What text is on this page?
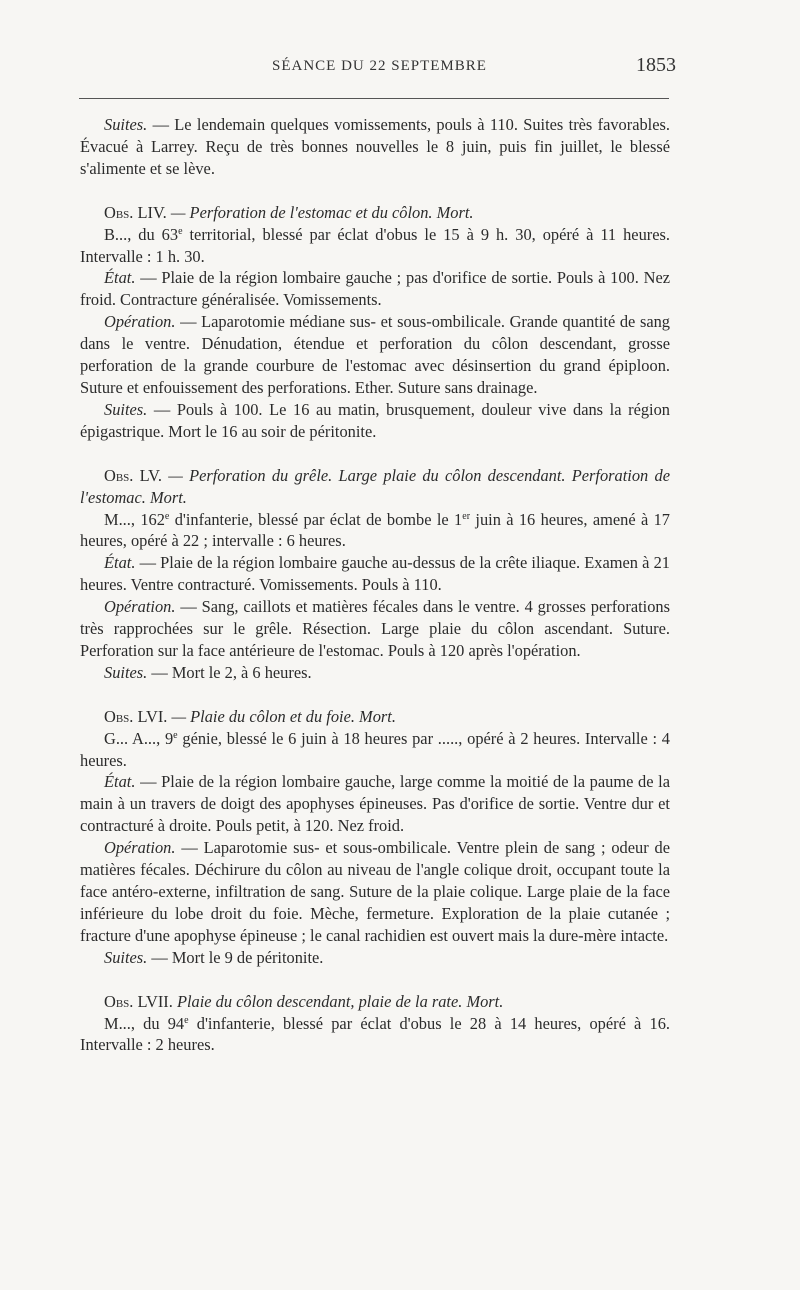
SÉANCE DU 22 SEPTEMBRE	1853

Suites. — Le lendemain quelques vomissements, pouls à 110. Suites très favorables. Évacué à Larrey. Reçu de très bonnes nouvelles le 8 juin, puis fin juillet, le blessé s'alimente et se lève.

Obs. LIV. — Perforation de l'estomac et du côlon. Mort.

B..., du 63e territorial, blessé par éclat d'obus le 15 à 9 h. 30, opéré à 11 heures. Intervalle : 1 h. 30.

État. — Plaie de la région lombaire gauche ; pas d'orifice de sortie. Pouls à 100. Nez froid. Contracture généralisée. Vomissements.

Opération. — Laparotomie médiane sus- et sous-ombilicale. Grande quantité de sang dans le ventre. Dénudation, étendue et perforation du côlon descendant, grosse perforation de la grande courbure de l'estomac avec désinsertion du grand épiploon. Suture et enfouissement des perforations. Ether. Suture sans drainage.

Suites. — Pouls à 100. Le 16 au matin, brusquement, douleur vive dans la région épigastrique. Mort le 16 au soir de péritonite.

Obs. LV. — Perforation du grêle. Large plaie du côlon descendant. Perforation de l'estomac. Mort.

M..., 162e d'infanterie, blessé par éclat de bombe le 1er juin à 16 heures, amené à 17 heures, opéré à 22 ; intervalle : 6 heures.

État. — Plaie de la région lombaire gauche au-dessus de la crête iliaque. Examen à 21 heures. Ventre contracturé. Vomissements. Pouls à 110.

Opération. — Sang, caillots et matières fécales dans le ventre. 4 grosses perforations très rapprochées sur le grêle. Résection. Large plaie du côlon ascendant. Suture. Perforation sur la face antérieure de l'estomac. Pouls à 120 après l'opération.

Suites. — Mort le 2, à 6 heures.

Obs. LVI. — Plaie du côlon et du foie. Mort.

G... A..., 9e génie, blessé le 6 juin à 18 heures par ....., opéré à 2 heures. Intervalle : 4 heures.

État. — Plaie de la région lombaire gauche, large comme la moitié de la paume de la main à un travers de doigt des apophyses épineuses. Pas d'orifice de sortie. Ventre dur et contracturé à droite. Pouls petit, à 120. Nez froid.

Opération. — Laparotomie sus- et sous-ombilicale. Ventre plein de sang ; odeur de matières fécales. Déchirure du côlon au niveau de l'angle colique droit, occupant toute la face antéro-externe, infiltration de sang. Suture de la plaie colique. Large plaie de la face inférieure du lobe droit du foie. Mèche, fermeture. Exploration de la plaie cutanée ; fracture d'une apophyse épineuse ; le canal rachidien est ouvert mais la dure-mère intacte.

Suites. — Mort le 9 de péritonite.

Obs. LVII. Plaie du côlon descendant, plaie de la rate. Mort.

M..., du 94e d'infanterie, blessé par éclat d'obus le 28 à 14 heures, opéré à 16. Intervalle : 2 heures.
